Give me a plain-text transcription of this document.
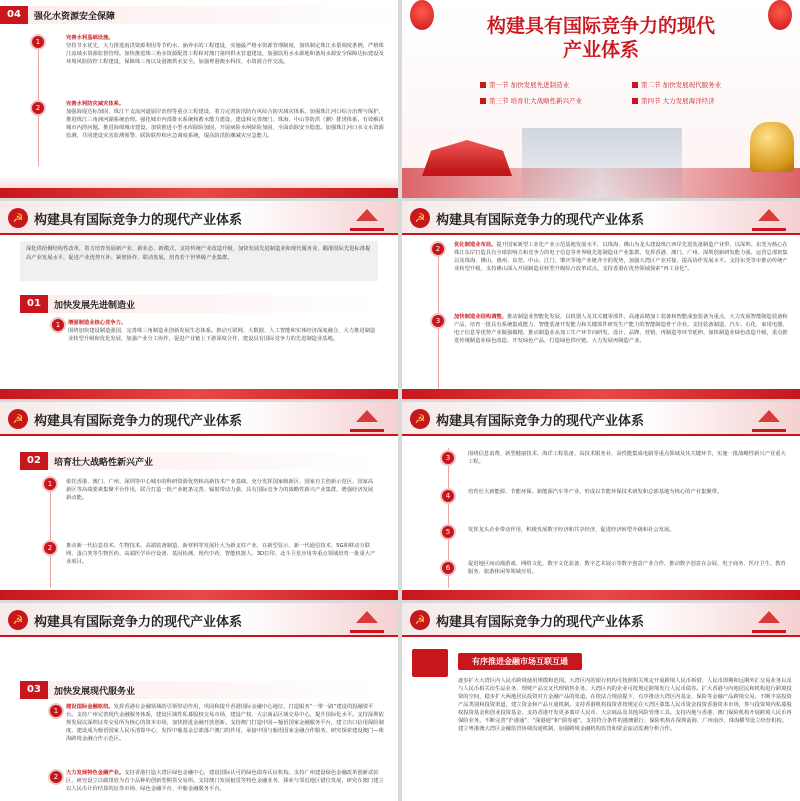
04	强化水资源安全保障
1	完善水利基础设施。
坚持节水优先，大力推进雨洪资源利用等节约水、涵养水的工程建设，实施最严格水资源管理制度，加快制定珠江水量调度条例，严格珠江流域水资源监督管理。加快推进珠三角水资源配置工程和对澳门第四供水管道建设，加强饮用水水源地和备用水源安全保障达标建设及环境风险防控工程建设，保障珠三角以及港澳供水安全。加强粤港澳水科技、水资源合作交流。
2	完善水利防灾减灾体系。
加强海堤达标加固、珠江干支流河道崩岸治理等重点工程建设，着力完善防汛防台风综合防灾减灾体系。加强珠江河口综合治理与保护，推进珠江三角洲河湖系统治理。强化城市内部排水系统和蓄水能力建设，建设和完善澳门、珠海、中山等防洪（潮）排涝体系，有效解决城市内涝问题。推进海绵城市建设。加快推进小型水库除险加固，开展病险水闸除险加固，全面消除安全隐患。加强珠江河口水文水资源监测，共同建设灾害监测预警、联防联控和应急调度系统，提高防洪防潮减灾应急能力。
构建具有国际竞争力的现代
产业体系
第一节 加快发展先进制造业	第二节 加快发展现代服务业
第三节 培育壮大战略性新兴产业	第四节 大力发展海洋经济
☭ 构建具有国际竞争力的现代产业体系
深化供给侧结构性改革，着力培育发展新产业、新业态、新模式，支持传统产业改造升级，加快发展先进制造业和现代服务业，瞄准国际先进标准提高产业发展水平，促进产业优势互补、紧密协作、联动发展，培育若干世界级产业集群。
01	加快发展先进制造业
1	增强制造业核心竞争力。
围绕加快建设制造强国，完善珠三角制造业创新发展生态体系。推动互联网、大数据、人工智能和实体经济深度融合，大力推进制造业转型升级和优化发展，加强产业分工协作，促进产业链上下游深度合作，建设具有国际竞争力的先进制造业基地。
☭ 构建具有国际竞争力的现代产业体系
2	优化制造业布局。提升国家新型工业化产业示范基地发展水平，以珠海、佛山为龙头建设珠江西岸先进装备制造产业带，以深圳、东莞为核心在珠江东岸打造具有全球影响力和竞争力的电子信息等世界级先进制造业产业集群。发挥香港、澳门、广州、深圳创新研发能力强、运营总部密集以及珠海、佛山、惠州、东莞、中山、江门、肇庆等地产业链齐全的优势，加强大湾区产业对接，提高协作发展水平。支持东莞等市推动传统产业转型升级，支持佛山深入开展制造业转型升级综合改革试点。支持香港在优势领域探索“再工业化”。
3	加快制造业结构调整。推动制造业智能化发展，以机器人及其关键零部件、高速高精加工装备和智能成套装备为重点，大力发展智能制造装备和产品，培育一批具有系统集成能力、智能装备开发能力和关键部件研发生产能力的智能制造骨干企业。支持装备制造、汽车、石化、家用电器、电子信息等优势产业做强做精，推动制造业从加工生产环节向研发、设计、品牌、营销、再制造等环节延伸。加快制造业绿色改造升级，重点推进传统制造业绿色改造、开发绿色产品，打造绿色供应链。大力发展再制造产业。
☭ 构建具有国际竞争力的现代产业体系
02	培育壮大战略性新兴产业
1	依托香港、澳门、广州、深圳等中心城市的科研资源优势和高新技术产业基础，充分发挥国家级新区、国家自主创新示范区、国家高新区等高端要素集聚平台作用，联合打造一批产业链条完善、辐射带动力强、具有国际竞争力的战略性新兴产业集群，增强经济发展新动能。
2	推动新一代信息技术、生物技术、高端装备制造、新材料等发展壮大为新支柱产业，在新型显示、新一代通信技术、5G和移动互联网、蛋白类等生物医药、高端医学诊疗设备、基因检测、现代中药、智能机器人、3D打印、北斗卫星应用等重点领域培育一批重大产业项目。
☭ 构建具有国际竞争力的现代产业体系
3	围绕信息消费、新型健康技术、海洋工程装备、高技术服务业、高性能集成电路等重点领域及其关键环节，实施一批战略性新兴产业重大工程。
4	培育壮大新能源、节能环保、新能源汽车等产业，形成以节能环保技术研发和总部基地为核心的产业集聚带。
5	发挥龙头企业带动作用，积极发展数字经济和共享经济，促进经济转型升级和社会发展。
6	促进地区间动漫游戏、网络文化、数字文化装备、数字艺术展示等数字创意产业合作，推动数字创意在会展、电子商务、医疗卫生、教育服务、旅游休闲等领域应用。
☭ 构建具有国际竞争力的现代产业体系
03	加快发展现代服务业
1	建设国际金融枢纽。发挥香港在金融领域的引领带动作用，巩固和提升香港国际金融中心地位，打造服务“一带一路”建设的投融资平台。支持广州完善现代金融服务体系，建设区域性私募股权交易市场，建设产权、大宗商品区域交易中心，提升国际化水平。支持深圳依规发展以深圳证券交易所为核心的资本市场，加快推进金融开放创新。支持澳门打造中国—葡语国家金融服务平台，建立出口信用保险制度，建设成为葡语国家人民币清算中心，发挥中葡基金总部落户澳门的作用，承接中国与葡语国家金融合作服务。研究探索建设澳门—珠海跨境金融合作示范区。
2	大力发展特色金融产业。支持香港打造大湾区绿色金融中心，建设国际认可的绿色债券认证机构。支持广州建设绿色金融改革创新试验区，研究设立以碳排放为首个品种的创新型期货交易所。支持澳门发展租赁等特色金融业务，探索与邻近地区错位发展，研究在澳门建立以人民币计价结算的证券市场、绿色金融平台、中葡金融服务平台。
☭ 构建具有国际竞争力的现代产业体系
有序推进金融市场互联互通
逐步扩大大湾区内人民币跨境使用规模和范围。大湾区内的银行机构可按照相关规定开展跨境人民币拆借、人民币即期和远期外汇交易业务以及与人民币相关衍生品业务、理财产品交叉代理销售业务。大湾区内的企业可按规定跨境发行人民币债券。扩大香港与内地居民和机构进行跨境投资的空间，稳步扩大两地居民投资对方金融产品的渠道。在依法合规前提下，有序推动大湾区内基金、保险等金融产品跨境交易，不断丰富投资产品类别和投资渠道，建立资金和产品互通机制。支持香港机构投资者按规定在大湾区募集人民币资金投资香港资本市场，参与投资境内私募股权投资基金和创业投资基金。支持香港开发更多离岸人民币、大宗商品及其他风险管理工具。支持内地与香港、澳门保险机构开展跨境人民币再保险业务。不断完善“沪港通”、“深港通”和“债券通”。支持符合条件的港澳银行、保险机构在深圳前海、广州南沙、珠海横琴设立经营机构。建立粤港澳大湾区金融监管协调沟通机制，加强跨境金融机构监管和资金流动监测分析合作。
